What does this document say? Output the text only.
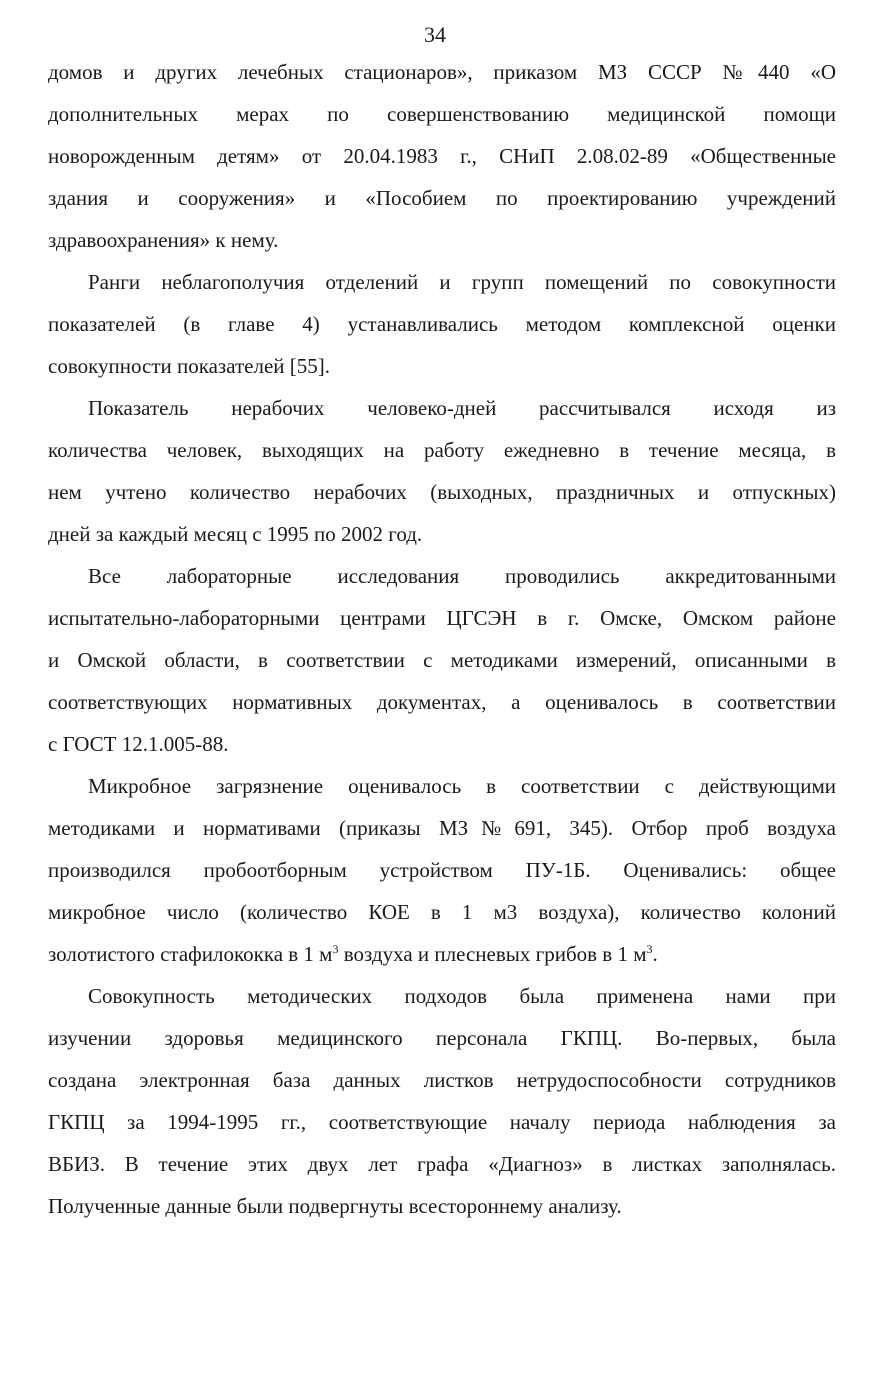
34
домов и других лечебных стационаров», приказом МЗ СССР №440 «О
дополнительных мерах по совершенствованию медицинской помощи
новорожденным детям» от 20.04.1983 г., СНиП 2.08.02-89 «Общественные
здания и сооружения» и «Пособием по проектированию учреждений
здравоохранения» к нему.
Ранги неблагополучия отделений и групп помещений по совокупности
показателей (в главе 4) устанавливались методом комплексной оценки
совокупности показателей [55].
Показатель нерабочих человеко-дней рассчитывался исходя из
количества человек, выходящих на работу ежедневно в течение месяца, в
нем учтено количество нерабочих (выходных, праздничных и отпускных)
дней за каждый месяц с 1995 по 2002 год.
Все лабораторные исследования проводились аккредитованными
испытательно-лабораторными центрами ЦГСЭН в г. Омске, Омском районе
и Омской области, в соответствии с методиками измерений, описанными в
соответствующих нормативных документах, а оценивалось в соответствии
с ГОСТ 12.1.005-88.
Микробное загрязнение оценивалось в соответствии с действующими
методиками и нормативами (приказы МЗ№691, 345). Отбор проб воздуха
производился пробоотборным устройством ПУ-1Б. Оценивались: общее
микробное число (количество КОЕ в 1 м3 воздуха), количество колоний
золотистого стафилококка в 1 $м^3$ воздуха и плесневых грибов в 1 $м^3$.
Совокупность методических подходов была применена нами при
изучении здоровья медицинского персонала ГКПЦ. Во-первых, была
создана электронная база данных листков нетрудоспособности сотрудников
ГКПЦ за 1994-1995 гг., соответствующие началу периода наблюдения за
ВБИЗ. В течение этих двух лет графа «Диагноз» в листках заполнялась.
Полученные данные были подвергнуты всестороннему анализу.
